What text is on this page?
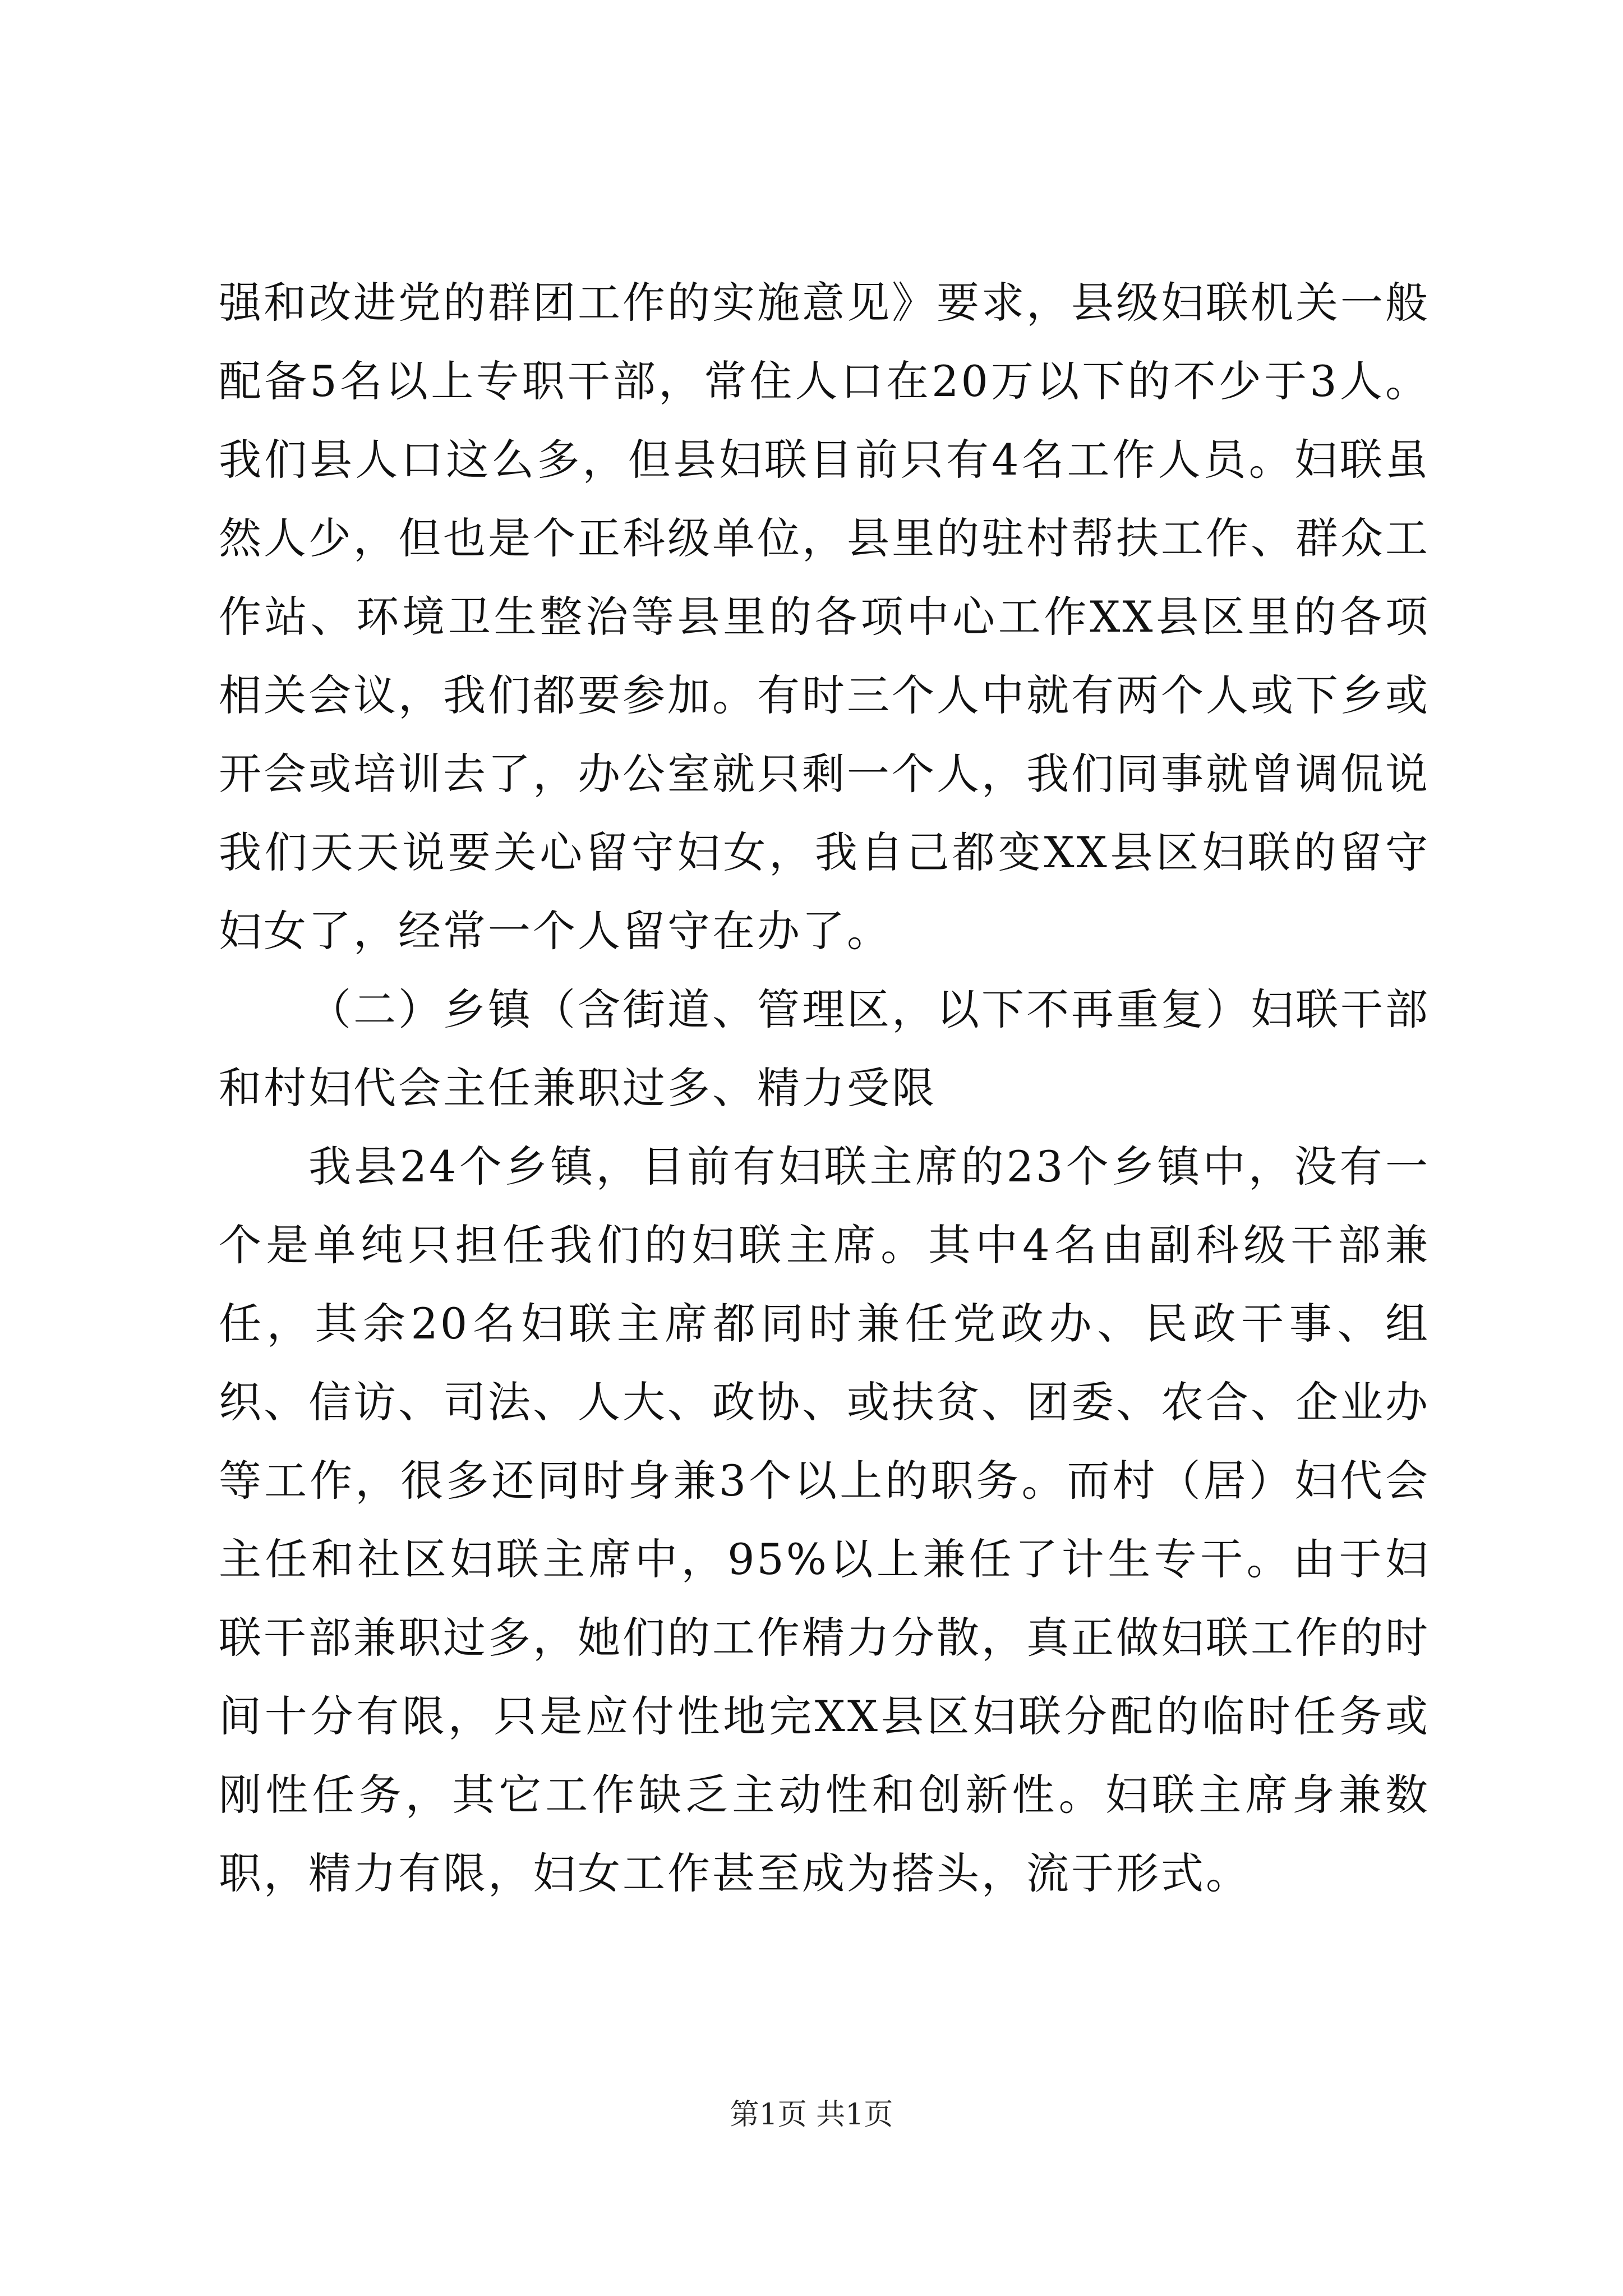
强和改进党的群团工作的实施意见》要求，县级妇联机关一般配备5名以上专职干部，常住人口在20万以下的不少于3人。我们县人口这么多，但县妇联目前只有4名工作人员。妇联虽然人少，但也是个正科级单位，县里的驻村帮扶工作、群众工作站、环境卫生整治等县里的各项中心工作XX县区里的各项相关会议，我们都要参加。有时三个人中就有两个人或下乡或开会或培训去了，办公室就只剩一个人，我们同事就曾调侃说我们天天说要关心留守妇女，我自己都变XX县区妇联的留守妇女了，经常一个人留守在办了。

（二）乡镇（含街道、管理区，以下不再重复）妇联干部和村妇代会主任兼职过多、精力受限

我县24个乡镇，目前有妇联主席的23个乡镇中，没有一个是单纯只担任我们的妇联主席。其中4名由副科级干部兼任，其余20名妇联主席都同时兼任党政办、民政干事、组织、信访、司法、人大、政协、或扶贫、团委、农合、企业办等工作，很多还同时身兼3个以上的职务。而村（居）妇代会主任和社区妇联主席中，95%以上兼任了计生专干。由于妇联干部兼职过多，她们的工作精力分散，真正做妇联工作的时间十分有限，只是应付性地完XX县区妇联分配的临时任务或刚性任务，其它工作缺乏主动性和创新性。妇联主席身兼数职，精力有限，妇女工作甚至成为搭头，流于形式。

第1页 共1页
